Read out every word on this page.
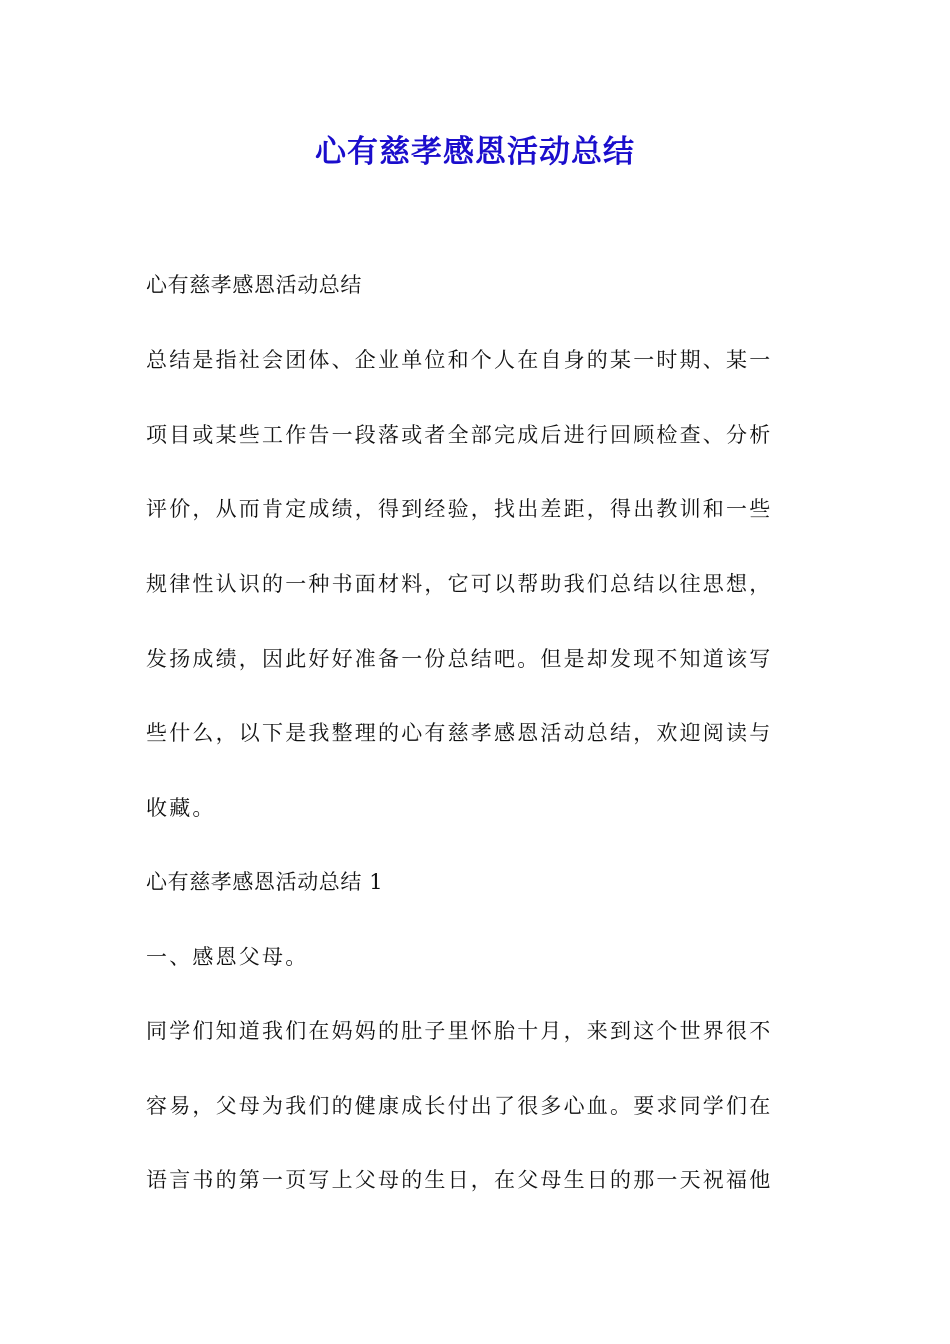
心有慈孝感恩活动总结
心有慈孝感恩活动总结
总结是指社会团体、企业单位和个人在自身的某一时期、某一
项目或某些工作告一段落或者全部完成后进行回顾检查、分析
评价，从而肯定成绩，得到经验，找出差距，得出教训和一些
规律性认识的一种书面材料，它可以帮助我们总结以往思想，
发扬成绩，因此好好准备一份总结吧。但是却发现不知道该写
些什么，以下是我整理的心有慈孝感恩活动总结，欢迎阅读与
收藏。
心有慈孝感恩活动总结 1
一、感恩父母。
同学们知道我们在妈妈的肚子里怀胎十月，来到这个世界很不
容易，父母为我们的健康成长付出了很多心血。要求同学们在
语言书的第一页写上父母的生日，在父母生日的那一天祝福他
